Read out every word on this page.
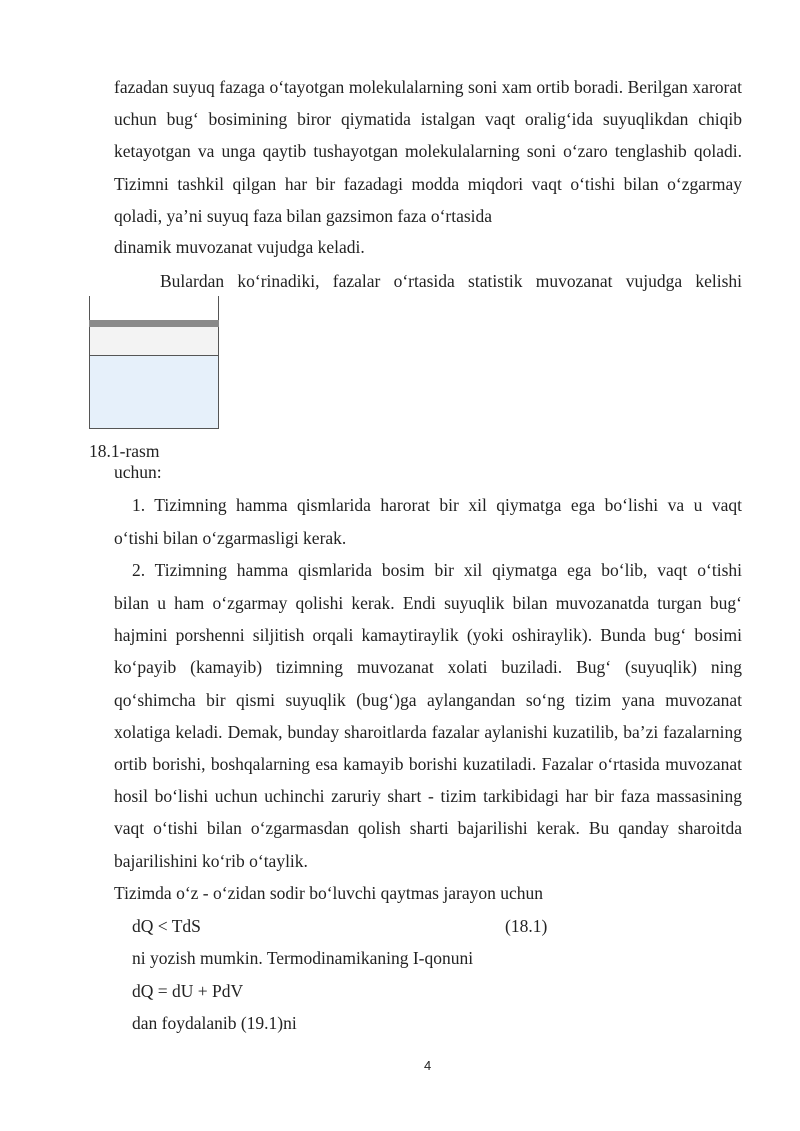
fazadan suyuq fazaga o‘tayotgan molekulalarning soni xam ortib boradi. Berilgan xarorat uchun bug‘ bosimining biror qiymatida istalgan vaqt oralig‘ida suyuqlikdan chiqib ketayotgan va unga qaytib tushayotgan molekulalarning soni o‘zaro tenglashib qoladi. Tizimni tashkil qilgan har bir fazadagi modda miqdori vaqt o‘tishi bilan o‘zgarmay qoladi, ya’ni suyuq faza bilan gazsimon faza o‘rtasida
dinamik muvozanat vujudga keladi.
Bulardan ko‘rinadiki, fazalar o‘rtasida statistik muvozanat vujudga kelishi
18.1-rasm
uchun:
1. Tizimning hamma qismlarida harorat bir xil qiymatga ega bo‘lishi va u vaqt
o‘tishi bilan o‘zgarmasligi kerak.
2. Tizimning hamma qismlarida bosim bir xil qiymatga ega bo‘lib, vaqt o‘tishi
bilan u ham o‘zgarmay qolishi kerak. Endi suyuqlik bilan muvozanatda turgan bug‘ hajmini porshenni siljitish orqali kamaytiraylik (yoki oshiraylik). Bunda bug‘ bosimi ko‘payib (kamayib) tizimning muvozanat xolati buziladi. Bug‘ (suyuqlik) ning qo‘shimcha bir qismi suyuqlik (bug‘)ga aylangandan so‘ng tizim yana muvozanat xolatiga keladi. Demak, bunday sharoitlarda fazalar aylanishi kuzatilib, ba’zi fazalarning ortib borishi, boshqalarning esa kamayib borishi kuzatiladi. Fazalar o‘rtasida muvozanat hosil bo‘lishi uchun uchinchi zaruriy shart - tizim tarkibidagi har bir faza massasining vaqt o‘tishi bilan o‘zgarmasdan qolish sharti bajarilishi kerak. Bu qanday sharoitda bajarilishini ko‘rib o‘taylik.
Tizimda o‘z - o‘zidan sodir bo‘luvchi qaytmas jarayon uchun
dQ < TdS	(18.1)
ni yozish mumkin. Termodinamikaning I-qonuni
dQ = dU + PdV
dan foydalanib (19.1)ni
4
